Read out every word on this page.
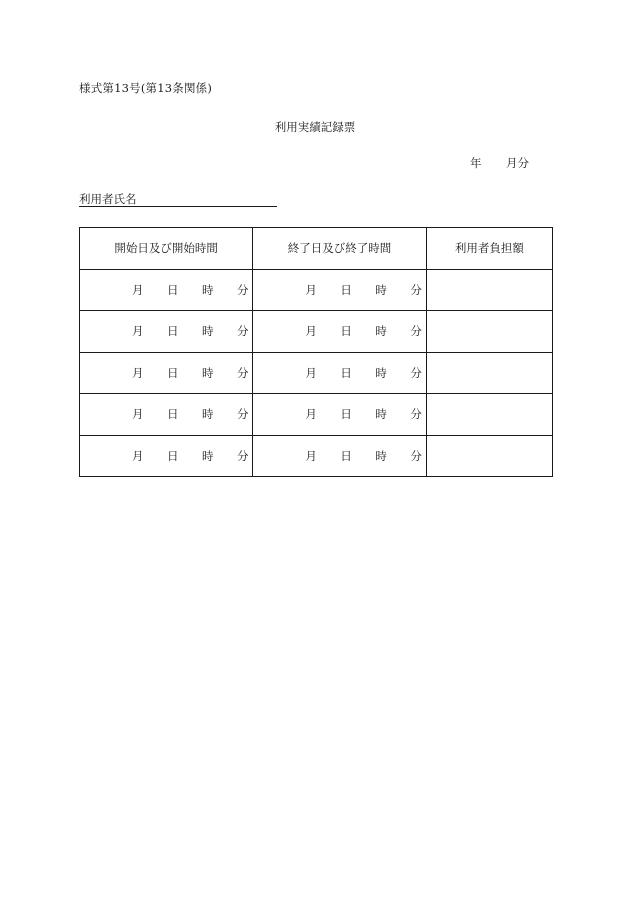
様式第13号(第13条関係)
利用実績記録票
年 月分
利用者氏名
開始日及び開始時間	終了日及び終了時間	利用者負担額

月 日 時 分	月 日 時 分	

月 日 時 分	月 日 時 分	

月 日 時 分	月 日 時 分	

月 日 時 分	月 日 時 分	

月 日 時 分	月 日 時 分	
